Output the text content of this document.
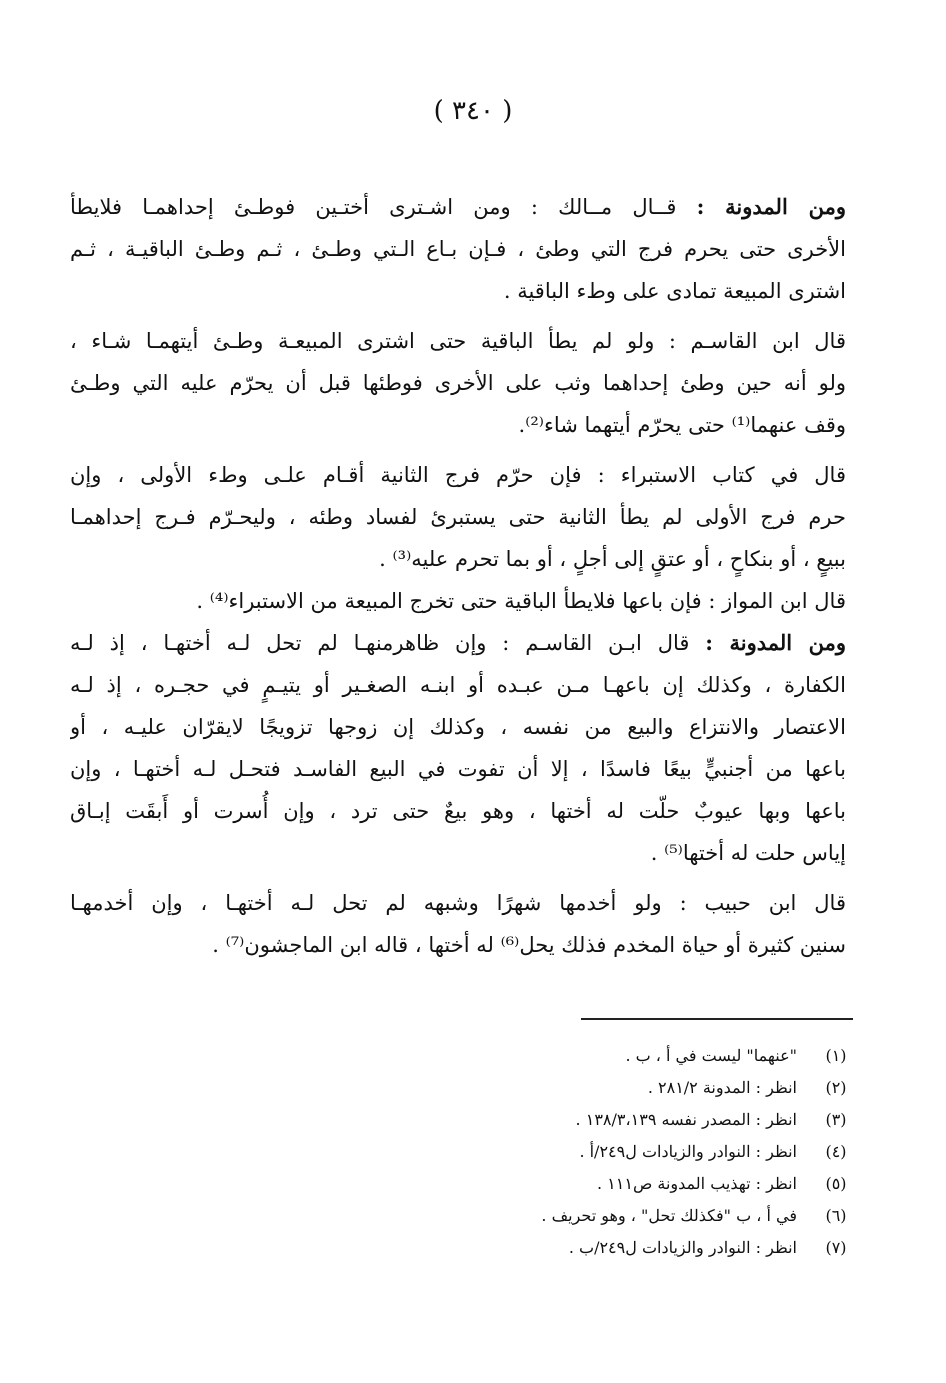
( ٣٤٠ )
ومن المدونة : قــال مــالك : ومن اشـترى أختـين فوطـئ إحداهمـا فلايطأ
الأخرى حتى يحرم فرج التي وطئ ، فـإن بـاع الـتي وطـئ ، ثـم وطـئ الباقيـة ، ثـم
اشترى المبيعة تمادى على وطء الباقية .
قال ابن القاسـم : ولو لم يطأ الباقية حتى اشترى المبيعـة وطـئ أيتهمـا شـاء ،
ولو أنه حين وطئ إحداهما وثب على الأخرى فوطئها قبل أن يحرّم عليه التي وطـئ
وقف عنهما⁽¹⁾ حتى يحرّم أيتهما شاء⁽²⁾.
قال في كتاب الاستبراء : فإن حرّم فرج الثانية أقـام علـى وطء الأولى ، وإن
حرم فرج الأولى لم يطأ الثانية حتى يستبرئ لفساد وطئه ، وليحـرّم فـرج إحداهمـا
ببيعٍ ، أو بنكاحٍ ، أو عتقٍ إلى أجلٍ ، أو بما تحرم عليه⁽³⁾ .
قال ابن المواز : فإن باعها فلايطأ الباقية حتى تخرج المبيعة من الاستبراء⁽⁴⁾ .
ومن المدونة : قال ابـن القاسـم : وإن ظاهرمنهـا لم تحل لـه أختهـا ، إذ لـه
الكفارة ، وكذلك إن باعهـا مـن عبـده أو ابنـه الصغـير أو يتيـمٍ في حجـره ، إذ لـه
الاعتصار والانتزاع والبيع من نفسه ، وكذلك إن زوجها تزويجًا لايقرّان عليـه ، أو
باعها من أجنبيٍّ بيعًا فاسدًا ، إلا أن تفوت في البيع الفاسـد فتحـل لـه أختهـا ، وإن
باعها وبها عيوبٌ حلّت له أختها ، وهو بيعٌ حتى ترد ، وإن أُسرت أو أَبقَت إبـاق
إياس حلت له أختها⁽⁵⁾ .
قال ابن حبيب : ولو أخدمها شهرًا وشبهه لم تحل لـه أختهـا ، وإن أخدمهـا
سنين كثيرة أو حياة المخدم فذلك يحل⁽⁶⁾ له أختها ، قاله ابن الماجشون⁽⁷⁾ .
(١)
"عنهما" ليست في أ ، ب .
(٢)
انظر : المدونة ٢٨١/٢ .
(٣)
انظر : المصدر نفسه ١٣٨/٣،١٣٩ .
(٤)
انظر : النوادر والزيادات ل٢٤٩/أ .
(٥)
انظر : تهذيب المدونة ص١١١ .
(٦)
في أ ، ب "فكذلك تحل" ، وهو تحريف .
(٧)
انظر : النوادر والزيادات ل٢٤٩/ب .
